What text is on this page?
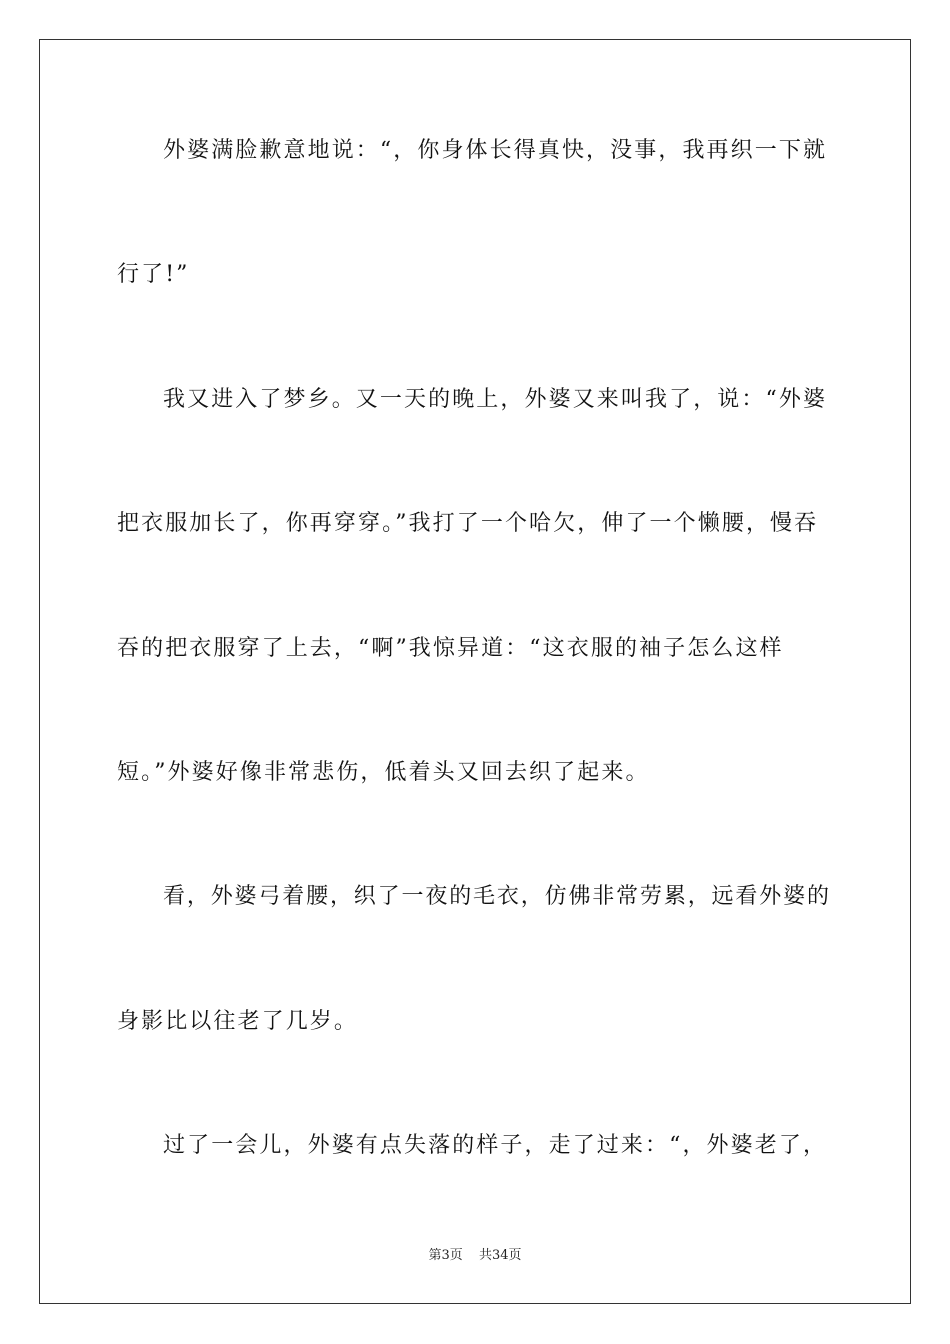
外婆满脸歉意地说：“，你身体长得真快，没事，我再织一下就
行了!”
我又进入了梦乡。又一天的晚上，外婆又来叫我了，说：“外婆
把衣服加长了，你再穿穿。”我打了一个哈欠，伸了一个懒腰，慢吞
吞的把衣服穿了上去，“啊”我惊异道：“这衣服的袖子怎么这样
短。”外婆好像非常悲伤，低着头又回去织了起来。
看，外婆弓着腰，织了一夜的毛衣，仿佛非常劳累，远看外婆的
身影比以往老了几岁。
过了一会儿，外婆有点失落的样子，走了过来：“，外婆老了，
第3页 共34页
